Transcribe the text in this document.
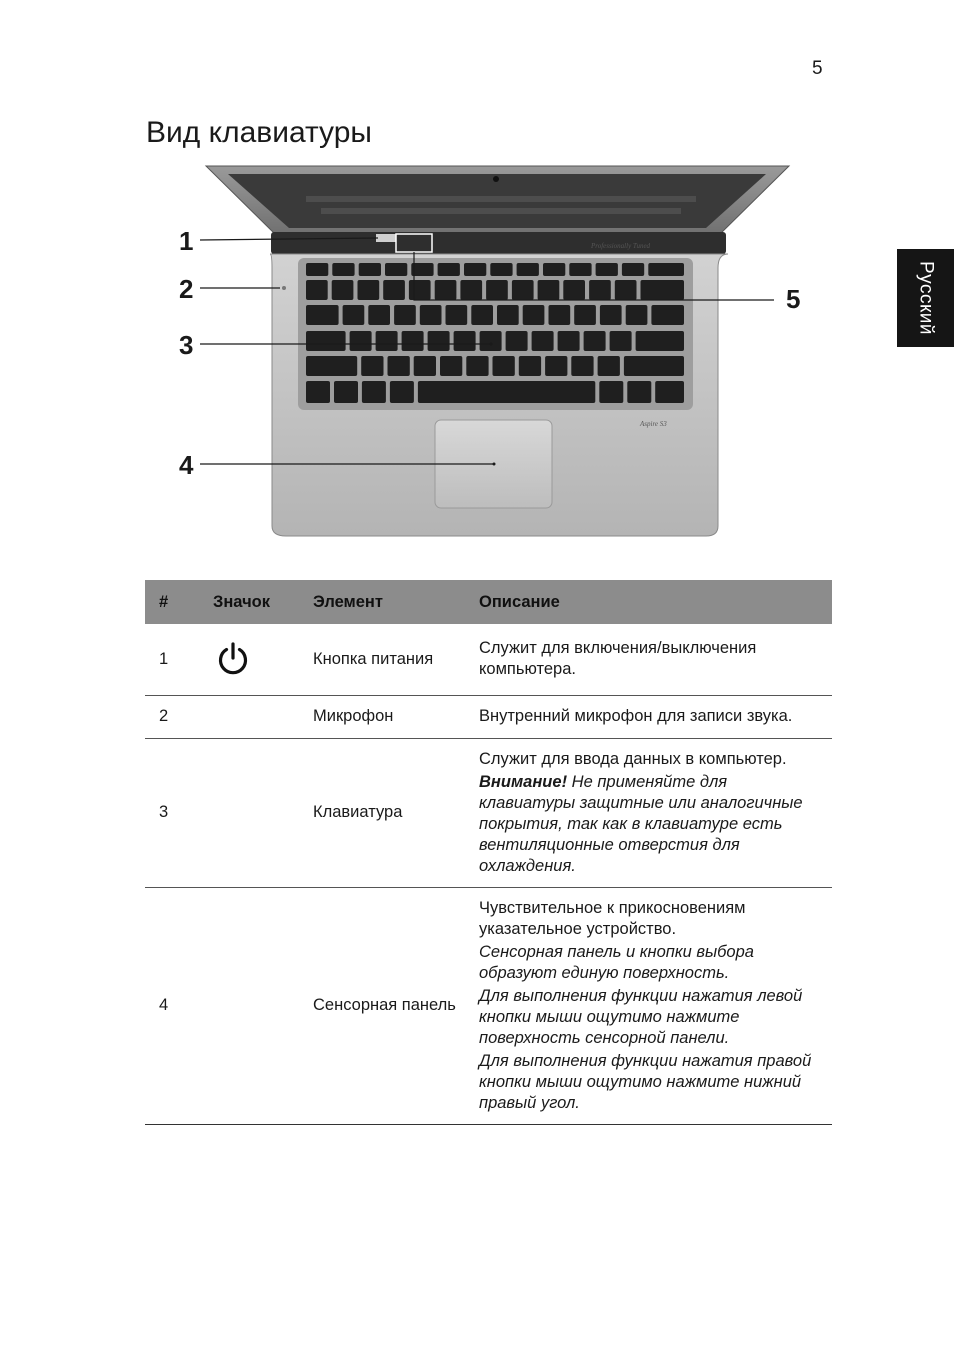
5
Вид клавиатуры
Русский
Professionally Tuned
Aspire S3
1
2
3
4
5
#	Значок	Элемент	Описание
1		Кнопка питания	Служит для включения/выключения компьютера.

2		Микрофон	Внутренний микрофон для записи звука.

3		Клавиатура	Служит для ввода данных в компьютер.

Внимание! Не применяйте для клавиатуры защитные или аналогичные покрытия, так как в клавиатуре есть вентиляционные отверстия для охлаждения.

4		Сенсорная панель	Чувствительное к прикосновениям указательное устройство.

Сенсорная панель и кнопки выбора образуют единую поверхность.

Для выполнения функции нажатия левой кнопки мыши ощутимо нажмите поверхность сенсорной панели.

Для выполнения функции нажатия правой кнопки мыши ощутимо нажмите нижний правый угол.
